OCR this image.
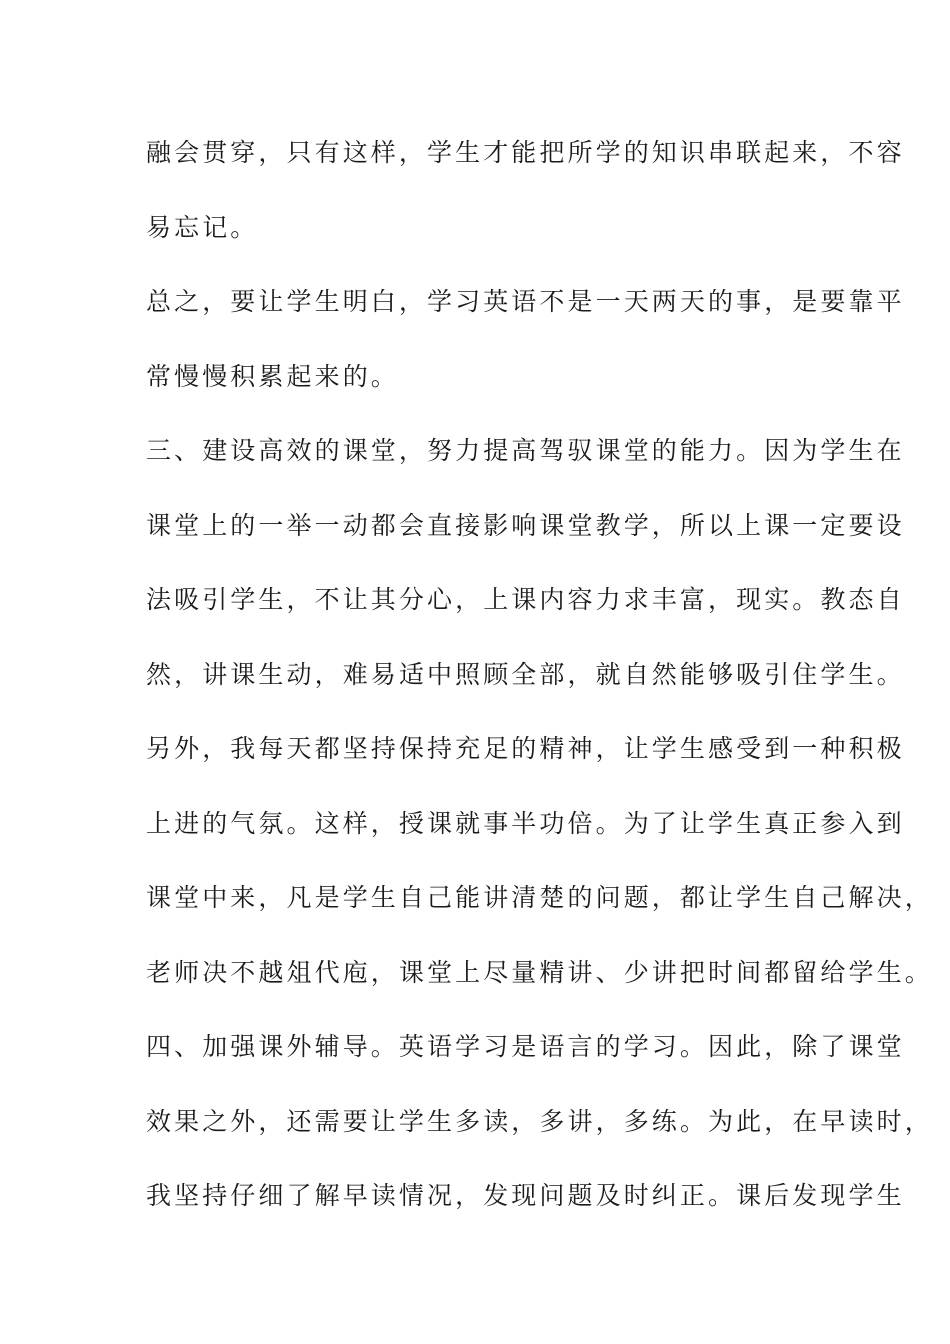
融会贯穿，只有这样，学生才能把所学的知识串联起来，不容
易忘记。
总之，要让学生明白，学习英语不是一天两天的事，是要靠平
常慢慢积累起来的。
三、建设高效的课堂，努力提高驾驭课堂的能力。因为学生在
课堂上的一举一动都会直接影响课堂教学，所以上课一定要设
法吸引学生，不让其分心，上课内容力求丰富，现实。教态自
然，讲课生动，难易适中照顾全部，就自然能够吸引住学生。
另外，我每天都坚持保持充足的精神，让学生感受到一种积极
上进的气氛。这样，授课就事半功倍。为了让学生真正参入到
课堂中来，凡是学生自己能讲清楚的问题，都让学生自己解决，
老师决不越俎代庖，课堂上尽量精讲、少讲把时间都留给学生。
四、加强课外辅导。英语学习是语言的学习。因此，除了课堂
效果之外，还需要让学生多读，多讲，多练。为此，在早读时，
我坚持仔细了解早读情况，发现问题及时纠正。课后发现学生
